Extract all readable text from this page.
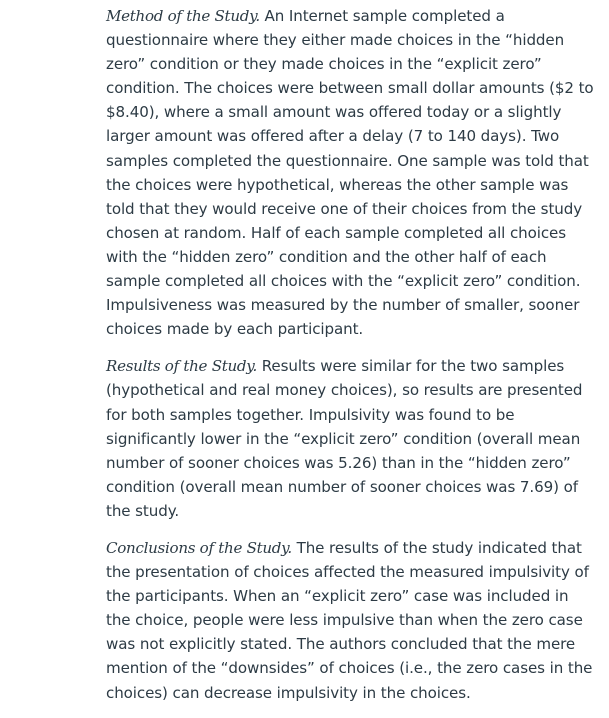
Method of the Study. An Internet sample completed a questionnaire where they either made choices in the “hidden zero” condition or they made choices in the “explicit zero” condition. The choices were between small dollar amounts ($2 to $8.40), where a small amount was offered today or a slightly larger amount was offered after a delay (7 to 140 days). Two samples completed the questionnaire. One sample was told that the choices were hypothetical, whereas the other sample was told that they would receive one of their choices from the study chosen at random. Half of each sample completed all choices with the “hidden zero” condition and the other half of each sample completed all choices with the “explicit zero” condition. Impulsiveness was measured by the number of smaller, sooner choices made by each participant.

Results of the Study. Results were similar for the two samples (hypothetical and real money choices), so results are presented for both samples together. Impulsivity was found to be significantly lower in the “explicit zero” condition (overall mean number of sooner choices was 5.26) than in the “hidden zero” condition (overall mean number of sooner choices was 7.69) of the study.

Conclusions of the Study. The results of the study indicated that the presentation of choices affected the measured impulsivity of the participants. When an “explicit zero” case was included in the choice, people were less impulsive than when the zero case was not explicitly stated. The authors concluded that the mere mention of the “downsides” of choices (i.e., the zero cases in the choices) can decrease impulsivity in the choices.
